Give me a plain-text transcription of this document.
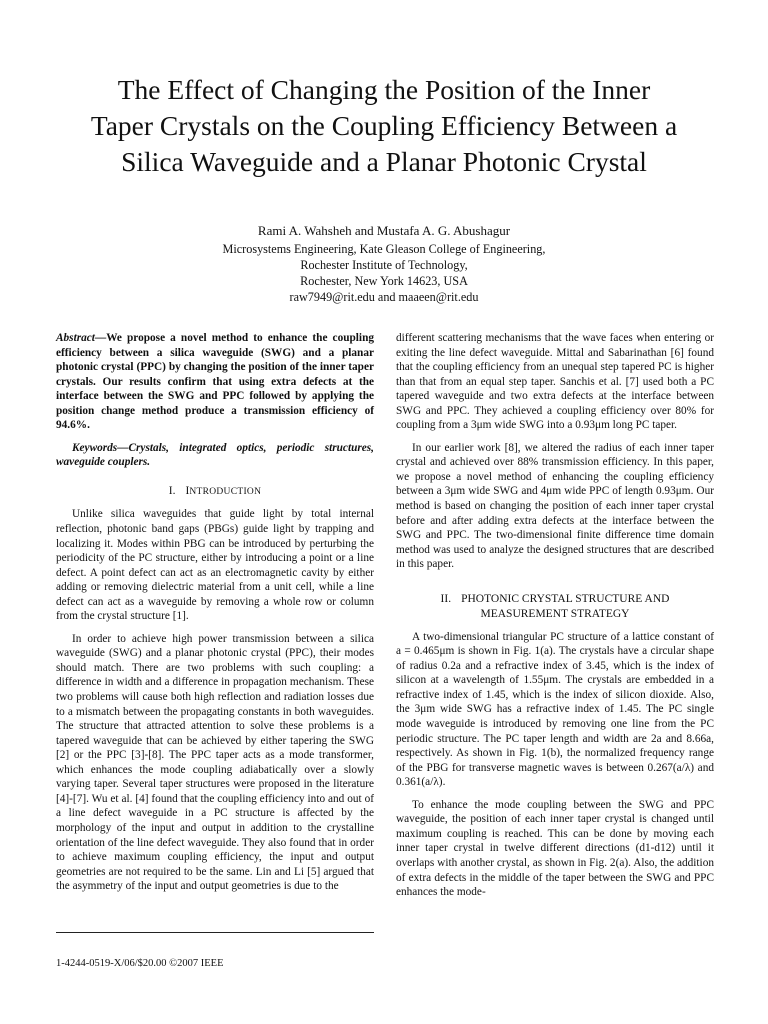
The Effect of Changing the Position of the Inner
Taper Crystals on the Coupling Efficiency Between a
Silica Waveguide and a Planar Photonic Crystal
Rami A. Wahsheh and Mustafa A. G. Abushagur
Microsystems Engineering, Kate Gleason College of Engineering,
Rochester Institute of Technology,
Rochester, New York 14623, USA
raw7949@rit.edu and maaeen@rit.edu

Abstract—We propose a novel method to enhance the coupling efficiency between a silica waveguide (SWG) and a planar photonic crystal (PPC) by changing the position of the inner taper crystals. Our results confirm that using extra defects at the interface between the SWG and PPC followed by applying the position change method produce a transmission efficiency of 94.6%.

Keywords—Crystals, integrated optics, periodic structures, waveguide couplers.

I. INTRODUCTION

Unlike silica waveguides that guide light by total internal reflection, photonic band gaps (PBGs) guide light by trapping and localizing it. Modes within PBG can be introduced by perturbing the periodicity of the PC structure, either by introducing a point or a line defect. A point defect can act as an electromagnetic cavity by either adding or removing dielectric material from a unit cell, while a line defect can act as a waveguide by removing a whole row or column from the crystal structure [1].

In order to achieve high power transmission between a silica waveguide (SWG) and a planar photonic crystal (PPC), their modes should match. There are two problems with such coupling: a difference in width and a difference in propagation mechanism. These two problems will cause both high reflection and radiation losses due to a mismatch between the propagating constants in both waveguides. The structure that attracted attention to solve these problems is a tapered waveguide that can be achieved by either tapering the SWG [2] or the PPC [3]-[8]. The PPC taper acts as a mode transformer, which enhances the mode coupling adiabatically over a slowly varying taper. Several taper structures were proposed in the literature [4]-[7]. Wu et al. [4] found that the coupling efficiency into and out of a line defect waveguide in a PC structure is affected by the morphology of the input and output in addition to the crystalline orientation of the line defect waveguide. They also found that in order to achieve maximum coupling efficiency, the input and output geometries are not required to be the same. Lin and Li [5] argued that the asymmetry of the input and output geometries is due to the

different scattering mechanisms that the wave faces when entering or exiting the line defect waveguide. Mittal and Sabarinathan [6] found that the coupling efficiency from an unequal step tapered PC is higher than that from an equal step taper. Sanchis et al. [7] used both a PC tapered waveguide and two extra defects at the interface between SWG and PPC. They achieved a coupling efficiency over 80% for coupling from a 3μm wide SWG into a 0.93μm long PC taper.

In our earlier work [8], we altered the radius of each inner taper crystal and achieved over 88% transmission efficiency. In this paper, we propose a novel method of enhancing the coupling efficiency between a 3μm wide SWG and 4μm wide PPC of length 0.93μm. Our method is based on changing the position of each inner taper crystal before and after adding extra defects at the interface between the SWG and PPC. The two-dimensional finite difference time domain method was used to analyze the designed structures that are described in this paper.

II. PHOTONIC CRYSTAL STRUCTURE AND
MEASUREMENT STRATEGY

A two-dimensional triangular PC structure of a lattice constant of a = 0.465μm is shown in Fig. 1(a). The crystals have a circular shape of radius 0.2a and a refractive index of 3.45, which is the index of silicon at a wavelength of 1.55μm. The crystals are embedded in a refractive index of 1.45, which is the index of silicon dioxide. Also, the 3μm wide SWG has a refractive index of 1.45. The PC single mode waveguide is introduced by removing one line from the PC periodic structure. The PC taper length and width are 2a and 8.66a, respectively. As shown in Fig. 1(b), the normalized frequency range of the PBG for transverse magnetic waves is between 0.267(a/λ) and 0.361(a/λ).

To enhance the mode coupling between the SWG and PPC waveguide, the position of each inner taper crystal is changed until maximum coupling is reached. This can be done by moving each inner taper crystal in twelve different directions (d1-d12) until it overlaps with another crystal, as shown in Fig. 2(a). Also, the addition of extra defects in the middle of the taper between the SWG and PPC enhances the mode-

1-4244-0519-X/06/$20.00 ©2007 IEEE
